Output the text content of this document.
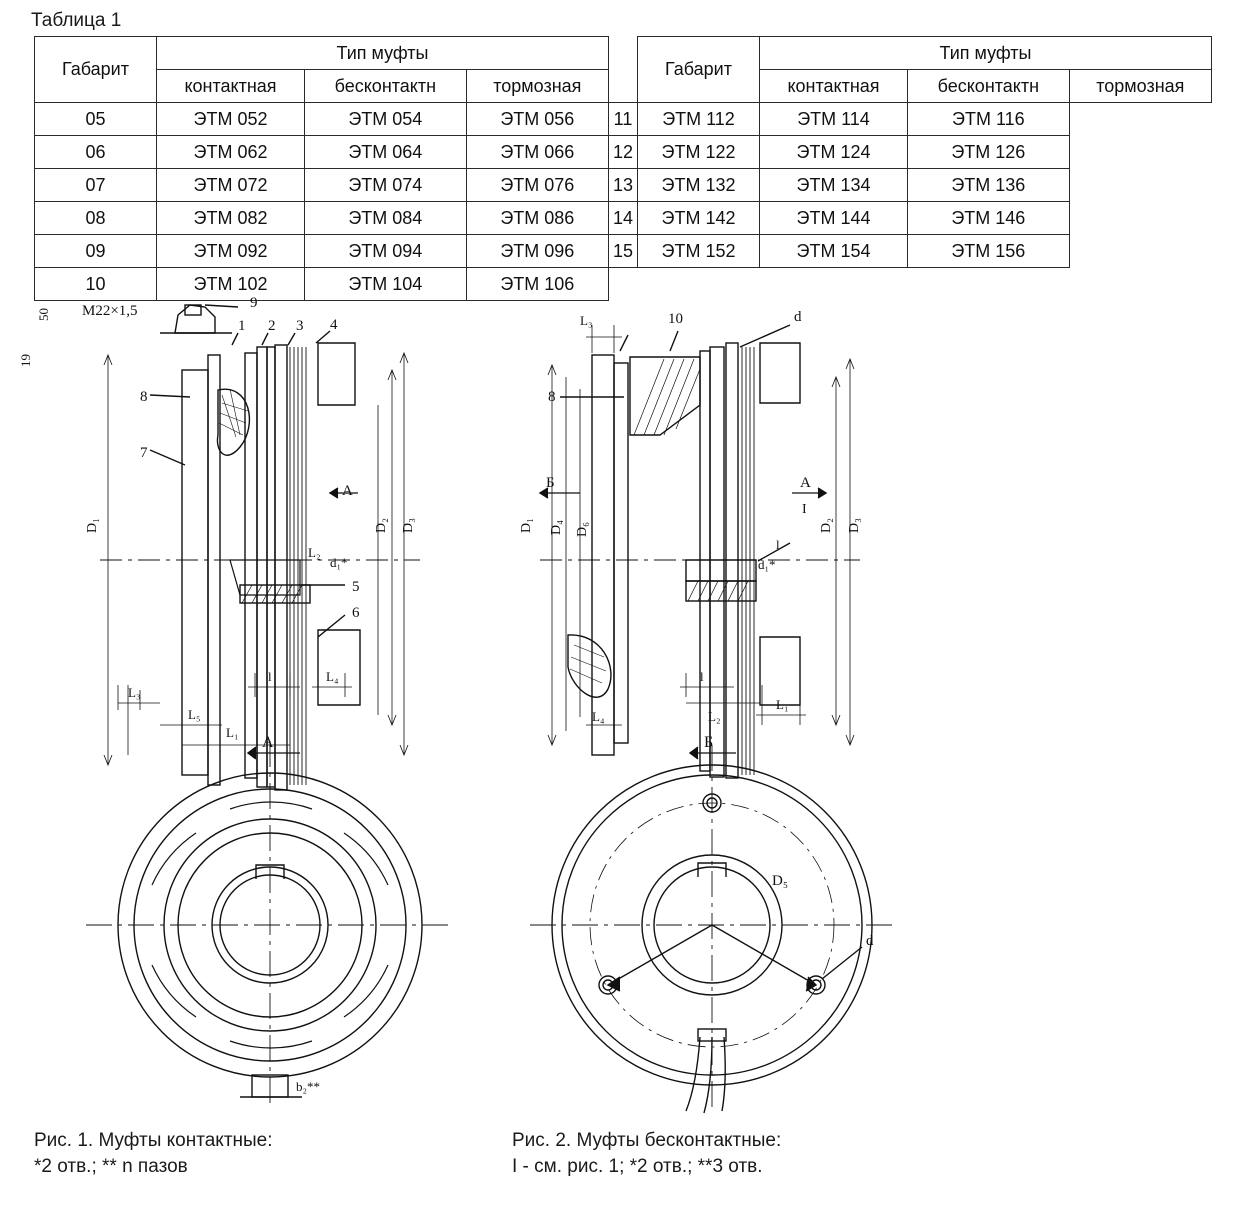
Таблица 1
Габарит	Тип муфты				Габарит	Тип муфты		
	контактная	бесконтактн	тормозная			контактная	бесконтактн	тормозная
05	ЭТМ 052	ЭТМ 054	ЭТМ 056	11	ЭТМ 112	ЭТМ 114	ЭТМ 116	
06	ЭТМ 062	ЭТМ 064	ЭТМ 066	12	ЭТМ 122	ЭТМ 124	ЭТМ 126	
07	ЭТМ 072	ЭТМ 074	ЭТМ 076	13	ЭТМ 132	ЭТМ 134	ЭТМ 136	
08	ЭТМ 082	ЭТМ 084	ЭТМ 086	14	ЭТМ 142	ЭТМ 144	ЭТМ 146	
09	ЭТМ 092	ЭТМ 094	ЭТМ 096	15	ЭТМ 152	ЭТМ 154	ЭТМ 156	
10	ЭТМ 102	ЭТМ 104	ЭТМ 106					
M22×1,5
50
19
9
1 2 3 4
8
7
5
6
D₁	D₂ D₃
L₂
d₁*
A
L₃
L₅
L₁
l	L₄
A
b₂**
L₃	10	d
8
D₁ D₄ D₆	D₂ D₃
Б	A
I
l
d₁*
L₄
l
L₂
L₁
Б
D₅
d
Рис. 1. Муфты контактные:
*2 отв.; ** n пазов
Рис. 2. Муфты бесконтактные:
I - см. рис. 1; *2 отв.; **3 отв.
